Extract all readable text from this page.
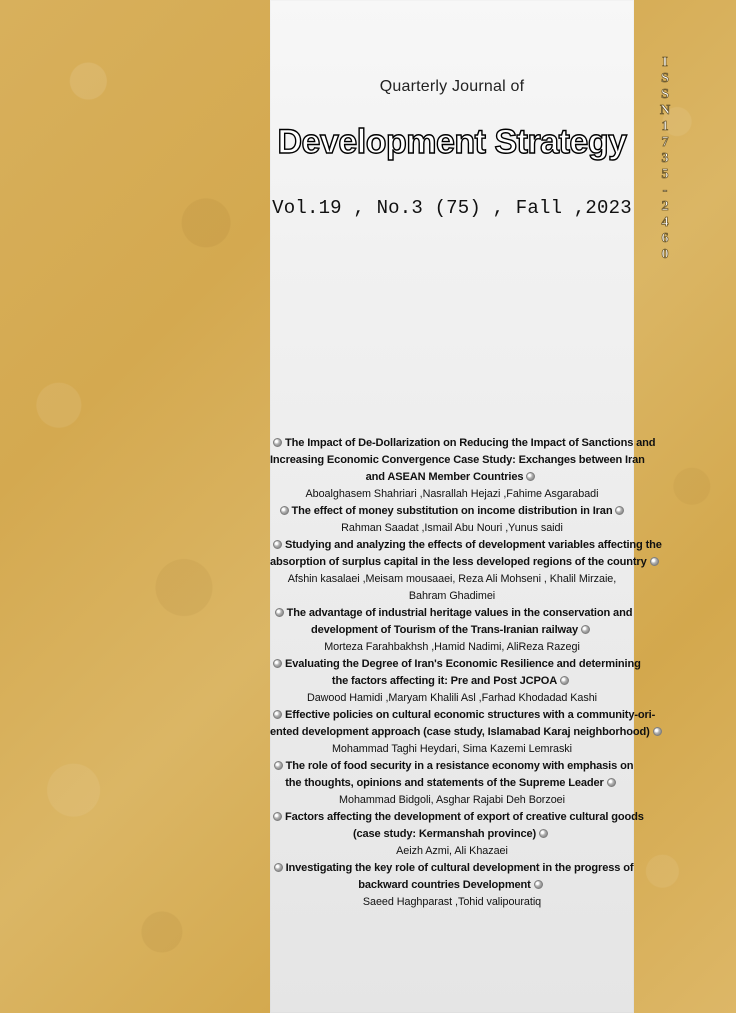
Quarterly Journal of
Development Strategy
Vol.19 , No.3 (75) , Fall ,2023
I
S
S
N
1
7
3
5
-
2
4
6
0
The Impact of De-Dollarization on Reducing the Impact of Sanctions and
Increasing Economic Convergence Case Study: Exchanges between Iran
and ASEAN Member Countries
Aboalghasem Shahriari ,Nasrallah Hejazi ,Fahime Asgarabadi
The effect of money substitution on income distribution in Iran
Rahman Saadat ,Ismail Abu Nouri ,Yunus saidi
Studying and analyzing the effects of development variables affecting the
absorption of surplus capital in the less developed regions of the country
Afshin kasalaei ,Meisam mousaaei, Reza Ali Mohseni , Khalil Mirzaie,
Bahram Ghadimei
The advantage of industrial heritage values in the conservation and
development of Tourism of the Trans-Iranian railway
Morteza Farahbakhsh ,Hamid Nadimi, AliReza Razegi
Evaluating the Degree of Iran's Economic Resilience and determining
the factors affecting it: Pre and Post JCPOA
Dawood Hamidi ,Maryam Khalili Asl ,Farhad Khodadad Kashi
Effective policies on cultural economic structures with a community-ori-
ented development approach (case study, Islamabad Karaj neighborhood)
Mohammad Taghi Heydari, Sima Kazemi Lemraski
The role of food security in a resistance economy with emphasis on
the thoughts, opinions and statements of the Supreme Leader
Mohammad Bidgoli, Asghar Rajabi Deh Borzoei
Factors affecting the development of export of creative cultural goods
(case study: Kermanshah province)
Aeizh Azmi, Ali Khazaei
Investigating the key role of cultural development in the progress of
backward countries Development
Saeed Haghparast ,Tohid valipouratiq
